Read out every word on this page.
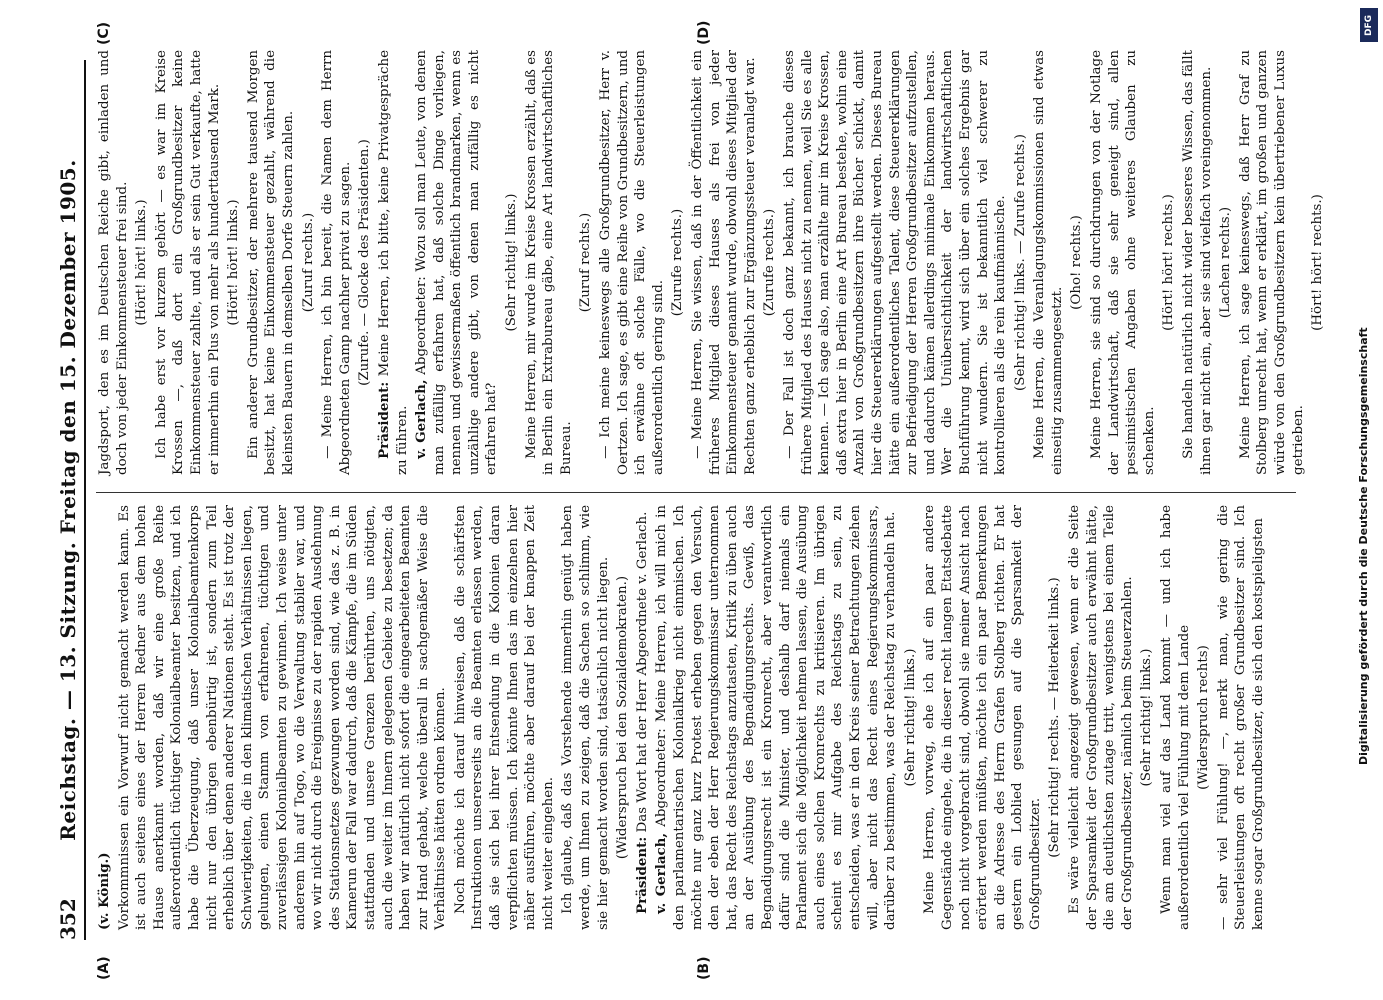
352
Reichstag. — 13. Sitzung. Freitag den 15. Dezember 1905.
(A)	(B)
(C)	(D)

(v. König.) Vorkommnissen ein Vorwurf nicht gemacht werden kann. Es ist auch seitens eines der Herren Redner aus dem hohen Hause anerkannt worden, daß wir eine große Reihe außerordentlich tüchtiger Kolonialbeamter besitzen, und ich habe die Überzeugung, daß unser Kolonialbeamtenkorps nicht nur den übrigen ebenbürtig ist, sondern zum Teil erheblich über denen anderer Nationen steht. Es ist trotz der Schwierigkeiten, die in den klimatischen Verhältnissen liegen, gelungen, einen Stamm von erfahrenen, tüchtigen und zuverlässigen Kolonialbeamten zu gewinnen. Ich weise unter anderem hin auf Togo, wo die Verwaltung stabiler war, und wo wir nicht durch die Ereignisse zu der rapiden Ausdehnung des Stationsnetzes gezwungen worden sind, wie das z. B. in Kamerun der Fall war dadurch, daß die Kämpfe, die im Süden stattfanden und unsere Grenzen berührten, uns nötigten, auch die weiter im Innern gelegenen Gebiete zu besetzen; da haben wir natürlich nicht sofort die eingearbeiteten Beamten zur Hand gehabt, welche überall in sachgemäßer Weise die Verhältnisse hätten ordnen können. Noch möchte ich darauf hinweisen, daß die schärfsten Instruktionen unsererseits an die Beamten erlassen werden, daß sie sich bei ihrer Entsendung in die Kolonien daran verpflichten müssen. Ich könnte Ihnen das im einzelnen hier näher ausführen, möchte aber darauf bei der knappen Zeit nicht weiter eingehen. Ich glaube, daß das Vorstehende immerhin genügt haben werde, um Ihnen zu zeigen, daß die Sachen so schlimm, wie sie hier gemacht worden sind, tatsächlich nicht liegen. (Widerspruch bei den Sozialdemokraten.)

Präsident: Das Wort hat der Herr Abgeordnete v. Gerlach.

v. Gerlach, Abgeordneter: Meine Herren, ich will mich in den parlamentarischen Kolonialkrieg nicht einmischen. Ich möchte nur ganz kurz Protest erheben gegen den Versuch, den der eben der Herr Regierungskommissar unternommen hat, das Recht des Reichstags anzutasten, Kritik zu üben auch an der Ausübung des Begnadigungsrechts. Gewiß, das Begnadigungsrecht ist ein Kronrecht, aber verantwortlich dafür sind die Minister, und deshalb darf niemals ein Parlament sich die Möglichkeit nehmen lassen, die Ausübung auch eines solchen Kronrechts zu kritisieren. Im übrigen scheint es mir Aufgabe des Reichstags zu sein, zu entscheiden, was er in den Kreis seiner Betrachtungen ziehen will, aber nicht das Recht eines Regierungskommissars, darüber zu bestimmen, was der Reichstag zu verhandeln hat. (Sehr richtig! links.) Meine Herren, vorweg, ehe ich auf ein paar andere Gegenstände eingehe, die in dieser recht langen Etatsdebatte noch nicht vorgebracht sind, obwohl sie meiner Ansicht nach erörtert werden müßten, möchte ich ein paar Bemerkungen an die Adresse des Herrn Grafen Stolberg richten. Er hat gestern ein Loblied gesungen auf die Sparsamkeit der Großgrundbesitzer.

(Sehr richtig! rechts. — Heiterkeit links.) Es wäre vielleicht angezeigt gewesen, wenn er die Seite der Sparsamkeit der Großgrundbesitzer auch erwähnt hätte, die am deutlichsten zutage tritt, wenigstens bei einem Teile der Großgrundbesitzer, nämlich beim Steuerzahlen. (Sehr richtig! links.) Wenn man viel auf das Land kommt — und ich habe außerordentlich viel Fühlung mit dem Lande (Widerspruch rechts) — sehr viel Fühlung! —, merkt man, wie gering die Steuerleistungen oft recht großer Grundbesitzer sind. Ich kenne sogar Großgrundbesitzer, die sich den kostspieligsten

Jagdsport, den es im Deutschen Reiche gibt, einladen und doch von jeder Einkommensteuer frei sind. (Hört! hört! links.) Ich habe erst vor kurzem gehört — es war im Kreise Krossen —, daß dort ein Großgrundbesitzer keine Einkommensteuer zahlte, und als er sein Gut verkaufte, hatte er immerhin ein Plus von mehr als hunderttausend Mark. (Hört! hört! links.) Ein anderer Grundbesitzer, der mehrere tausend Morgen besitzt, hat keine Einkommensteuer gezahlt, während die kleinsten Bauern in demselben Dorfe Steuern zahlen. (Zuruf rechts.) — Meine Herren, ich bin bereit, die Namen dem Herrn Abgeordneten Gamp nachher privat zu sagen. (Zurufe. — Glocke des Präsidenten.)

Präsident: Meine Herren, ich bitte, keine Privatgespräche zu führen. v. Gerlach, Abgeordneter: Wozu soll man Leute, von denen man zufällig erfahren hat, daß solche Dinge vorliegen, nennen und gewissermaßen öffentlich brandmarken, wenn es unzählige andere gibt, von denen man zufällig es nicht erfahren hat?

(Sehr richtig! links.) Meine Herren, mir wurde im Kreise Krossen erzählt, daß es in Berlin ein Extrabureau gäbe, eine Art landwirtschaftliches Bureau.

(Zuruf rechts.) — Ich meine keineswegs alle Großgrundbesitzer, Herr v. Oertzen. Ich sage, es gibt eine Reihe von Grundbesitzern, und ich erwähne oft solche Fälle, wo die Steuerleistungen außerordentlich gering sind.

(Zurufe rechts.) — Meine Herren, Sie wissen, daß in der Öffentlichkeit ein früheres Mitglied dieses Hauses als frei von jeder Einkommensteuer genannt wurde, obwohl dieses Mitglied der Rechten ganz erheblich zur Ergänzungssteuer veranlagt war. (Zurufe rechts.) — Der Fall ist doch ganz bekannt, ich brauche dieses frühere Mitglied des Hauses nicht zu nennen, weil Sie es alle kennen. — Ich sage also, man erzählte mir im Kreise Krossen, daß extra hier in Berlin eine Art Bureau bestehe, wohin eine Anzahl von Großgrundbesitzern ihre Bücher schickt, damit hier die Steuererklärungen aufgestellt werden. Dieses Bureau hätte ein außerordentliches Talent, diese Steuererklärungen zur Befriedigung der Herren Großgrundbesitzer aufzustellen, und dadurch kämen allerdings minimale Einkommen heraus. Wer die Unübersichtlichkeit der landwirtschaftlichen Buchführung kennt, wird sich über ein solches Ergebnis gar nicht wundern. Sie ist bekanntlich viel schwerer zu kontrollieren als die rein kaufmännische. (Sehr richtig! links. — Zurufe rechts.) Meine Herren, die Veranlagungskommissionen sind etwas einseitig zusammengesetzt.

(Oho! rechts.) Meine Herren, sie sind so durchdrungen von der Notlage der Landwirtschaft, daß sie sehr geneigt sind, allen pessimistischen Angaben ohne weiteres Glauben zu schenken.

(Hört! hört! rechts.) Sie handeln natürlich nicht wider besseres Wissen, das fällt ihnen gar nicht ein, aber sie sind vielfach voreingenommen. (Lachen rechts.) Meine Herren, ich sage keineswegs, daß Herr Graf zu Stolberg unrecht hat, wenn er erklärt, im großen und ganzen würde von den Großgrundbesitzern kein übertriebener Luxus getrieben.

(Hört! hört! rechts.)

DFG
Digitalisierung gefördert durch die Deutsche Forschungsgemeinschaft
